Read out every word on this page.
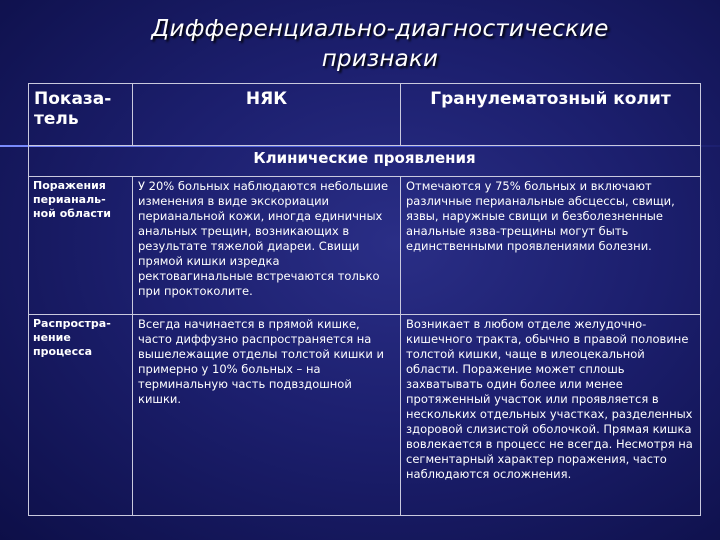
Дифференциально-диагностические признаки
Показа-тель	НЯК	Гранулематозный колит
Клинические проявления		
Поражения перианаль-ной области	У 20% больных наблюдаются небольшие изменения в виде экскориации перианальной кожи, иногда единичных анальных трещин, возникающих в результате тяжелой диареи. Свищи прямой кишки изредка ректовагинальные встречаются только при проктоколите.	Отмечаются у 75% больных и включают различные перианальные абсцессы, свищи, язвы, наружные свищи и безболезненные анальные язва-трещины могут быть единственными проявлениями болезни.
Распростра-нение процесса	Всегда начинается в прямой кишке, часто диффузно распространяется на вышележащие отделы толстой кишки и примерно у 10% больных – на терминальную часть подвздошной кишки.	Возникает в любом отделе желудочно-кишечного тракта, обычно в правой половине толстой кишки, чаще в илеоцекальной области. Поражение может сплошь захватывать один более или менее протяженный участок или проявляется в нескольких отдельных участках, разделенных здоровой слизистой оболочкой. Прямая кишка вовлекается в процесс не всегда. Несмотря на сегментарный характер поражения, часто наблюдаются осложнения.
